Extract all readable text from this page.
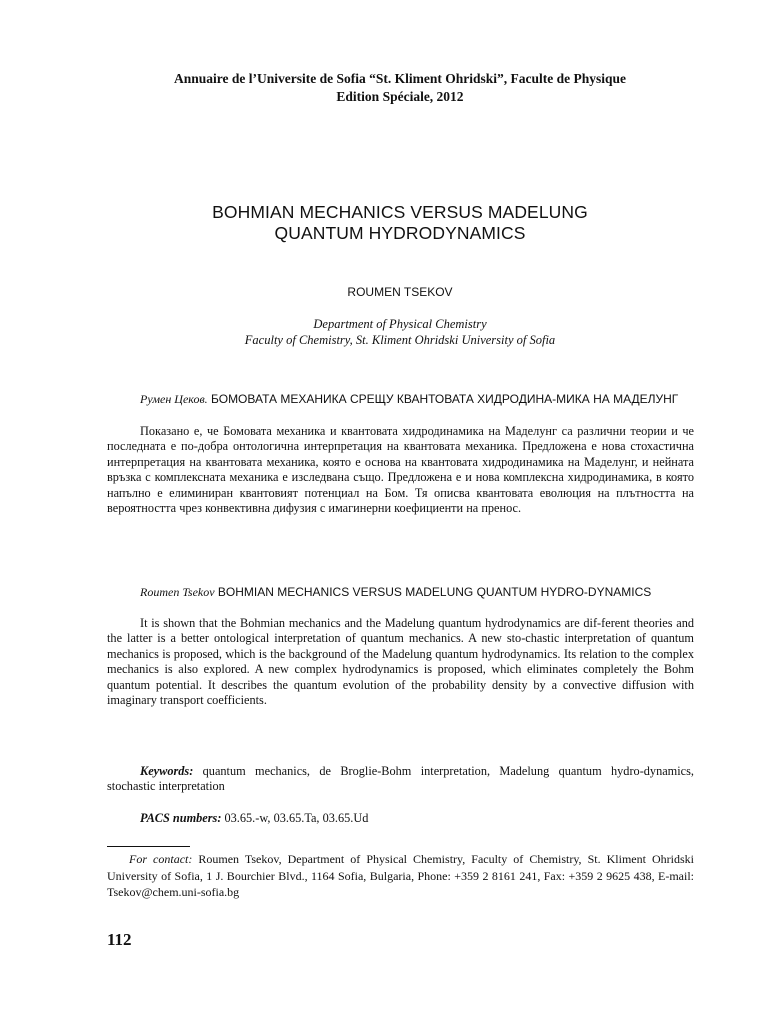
Annuaire de l’Universite de Sofia “St. Kliment Ohridski”, Faculte de Physique
Edition Spéciale, 2012
BOHMIAN MECHANICS VERSUS MADELUNG
QUANTUM HYDRODYNAMICS
ROUMEN TSEKOV
Department of Physical Chemistry
Faculty of Chemistry, St. Kliment Ohridski University of Sofia
Румен Цеков. БОМОВАТА МЕХАНИКА СРЕЩУ КВАНТОВАТА ХИДРОДИНА-МИКА НА МАДЕЛУНГ
Показано е, че Бомовата механика и квантовата хидродинамика на Маделунг са различни теории и че последната е по-добра онтологична интерпретация на квантовата механика. Предложена е нова стохастична интерпретация на квантовата механика, която е основа на квантовата хидродинамика на Маделунг, и нейната връзка с комплексната механика е изследвана също. Предложена е и нова комплексна хидродинамика, в която напълно е елиминиран квантовият потенциал на Бом. Тя описва квантовата еволюция на плътността на вероятността чрез конвективна дифузия с имагинерни коефициенти на пренос.
Roumen Tsekov BOHMIAN MECHANICS VERSUS MADELUNG QUANTUM HYDRO-DYNAMICS
It is shown that the Bohmian mechanics and the Madelung quantum hydrodynamics are dif-ferent theories and the latter is a better ontological interpretation of quantum mechanics. A new sto-chastic interpretation of quantum mechanics is proposed, which is the background of the Madelung quantum hydrodynamics. Its relation to the complex mechanics is also explored. A new complex hydrodynamics is proposed, which eliminates completely the Bohm quantum potential. It describes the quantum evolution of the probability density by a convective diffusion with imaginary transport coefficients.
Keywords: quantum mechanics, de Broglie-Bohm interpretation, Madelung quantum hydro-dynamics, stochastic interpretation
PACS numbers: 03.65.-w, 03.65.Ta, 03.65.Ud
For contact: Roumen Tsekov, Department of Physical Chemistry, Faculty of Chemistry, St. Kliment Ohridski University of Sofia, 1 J. Bourchier Blvd., 1164 Sofia, Bulgaria, Phone: +359 2 8161 241, Fax: +359 2 9625 438, E-mail: Tsekov@chem.uni-sofia.bg
112
